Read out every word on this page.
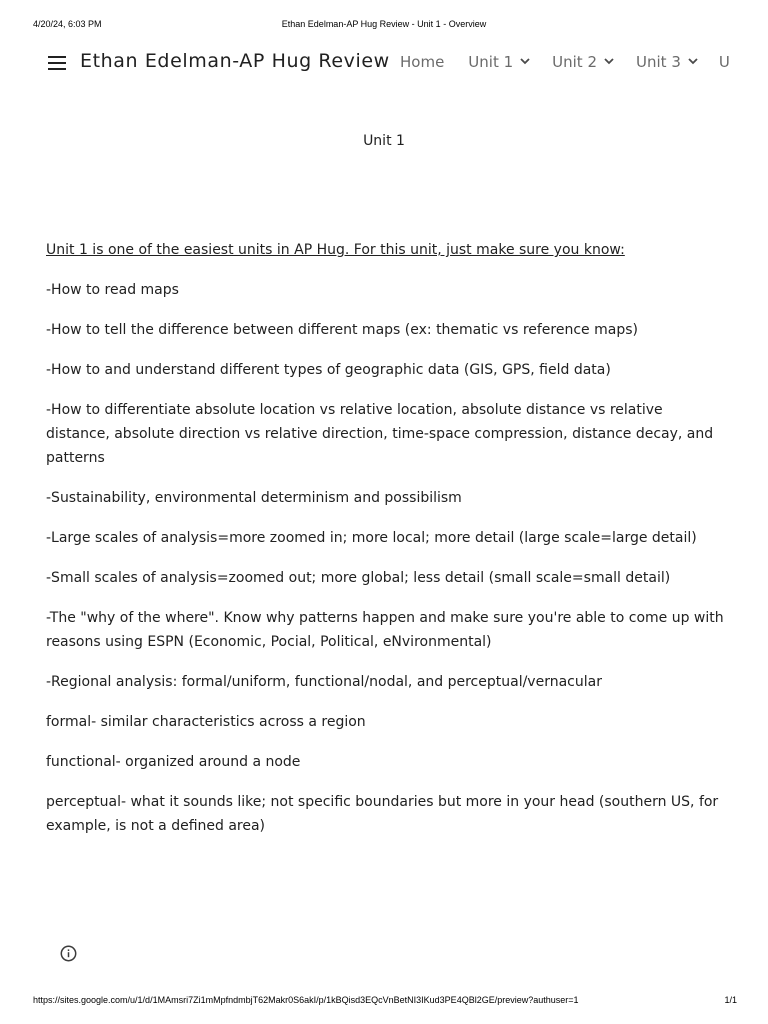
4/20/24, 6:03 PM	Ethan Edelman-AP Hug Review - Unit 1 - Overview
Ethan Edelman-AP Hug Review Home Unit 1	Unit 2	Unit 3	U
Unit 1

Unit 1 is one of the easiest units in AP Hug. For this unit, just make sure you know:

-How to read maps

-How to tell the difference between different maps (ex: thematic vs reference maps)

-How to and understand different types of geographic data (GIS, GPS, field data)

-How to differentiate absolute location vs relative location, absolute distance vs relative distance, absolute direction vs relative direction, time-space compression, distance decay, and patterns

-Sustainability, environmental determinism and possibilism

-Large scales of analysis=more zoomed in; more local; more detail (large scale=large detail)

-Small scales of analysis=zoomed out; more global; less detail (small scale=small detail)

-The "why of the where". Know why patterns happen and make sure you're able to come up with reasons using ESPN (Economic, Pocial, Political, eNvironmental)

-Regional analysis: formal/uniform, functional/nodal, and perceptual/vernacular

formal- similar characteristics across a region

functional- organized around a node

perceptual- what it sounds like; not specific boundaries but more in your head (southern US, for example, is not a defined area)

https://sites.google.com/u/1/d/1MAmsri7Zi1mMpfndmbjT62Makr0S6akI/p/1kBQisd3EQcVnBetNI3IKud3PE4QBl2GE/preview?authuser=1	1/1
